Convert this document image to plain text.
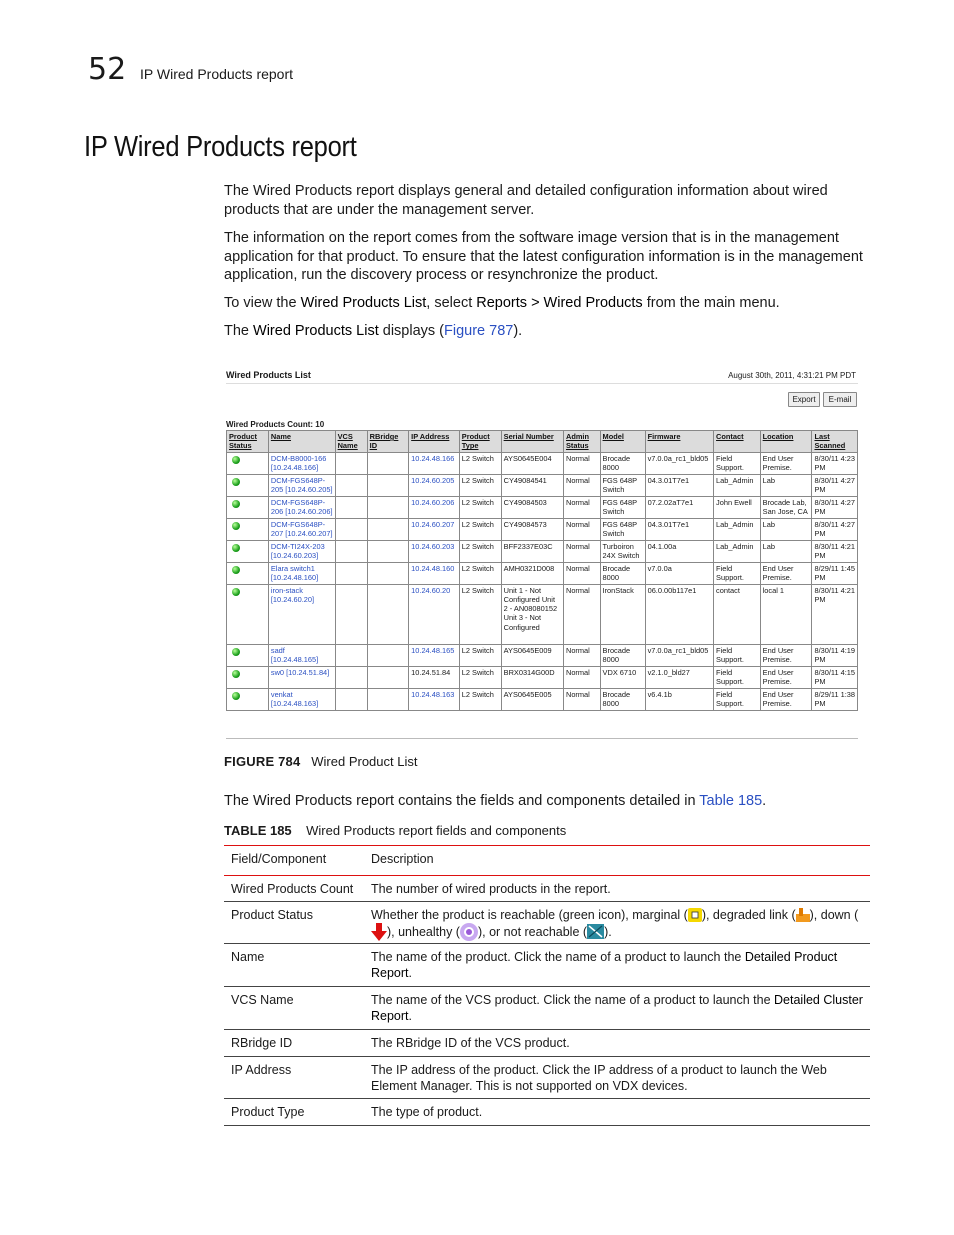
52 IP Wired Products report
IP Wired Products report
The Wired Products report displays general and detailed configuration information about wired products that are under the management server.
The information on the report comes from the software image version that is in the management application for that product. To ensure that the latest configuration information is in the management application, run the discovery process or resynchronize the product.
To view the Wired Products List, select Reports > Wired Products from the main menu.
The Wired Products List displays (Figure 787).
Wired Products List	August 30th, 2011, 4:31:21 PM PDT
Export	E-mail
Wired Products Count: 10
Product Status	Name	VCS Name	RBridge ID	IP Address	Product Type	Serial Number	Admin Status	Model	Firmware	Contact	Location	Last Scanned
	DCM-B8000-166 [10.24.48.166]			10.24.48.166	L2 Switch	AYS0645E004	Normal	Brocade 8000	v7.0.0a_rc1_bld05	Field Support.	End User Premise.	8/30/11 4:23 PM
	DCM-FGS648P-205 [10.24.60.205]			10.24.60.205	L2 Switch	CY49084541	Normal	FGS 648P Switch	04.3.01T7e1	Lab_Admin	Lab	8/30/11 4:27 PM
	DCM-FGS648P-206 [10.24.60.206]			10.24.60.206	L2 Switch	CY49084503	Normal	FGS 648P Switch	07.2.02aT7e1	John Ewell	Brocade Lab, San Jose, CA	8/30/11 4:27 PM
	DCM-FGS648P-207 [10.24.60.207]			10.24.60.207	L2 Switch	CY49084573	Normal	FGS 648P Switch	04.3.01T7e1	Lab_Admin	Lab	8/30/11 4:27 PM
	DCM-TI24X-203 [10.24.60.203]			10.24.60.203	L2 Switch	BFF2337E03C	Normal	Turboiron 24X Switch	04.1.00a	Lab_Admin	Lab	8/30/11 4:21 PM
	Elara switch1 [10.24.48.160]			10.24.48.160	L2 Switch	AMH0321D008	Normal	Brocade 8000	v7.0.0a	Field Support.	End User Premise.	8/29/11 1:45 PM
	iron-stack [10.24.60.20]			10.24.60.20	L2 Switch	Unit 1 - Not Configured Unit 2 - AN08080152 Unit 3 - Not Configured	Normal	IronStack	06.0.00b117e1	contact	local 1	8/30/11 4:21 PM
	sadf [10.24.48.165]			10.24.48.165	L2 Switch	AYS0645E009	Normal	Brocade 8000	v7.0.0a_rc1_bld05	Field Support.	End User Premise.	8/30/11 4:19 PM
	sw0 [10.24.51.84]			10.24.51.84	L2 Switch	BRX0314G00D	Normal	VDX 6710	v2.1.0_bld27	Field Support.	End User Premise.	8/30/11 4:15 PM
	venkat [10.24.48.163]			10.24.48.163	L2 Switch	AYS0645E005	Normal	Brocade 8000	v6.4.1b	Field Support.	End User Premise.	8/29/11 1:38 PM
FIGURE 784 Wired Product List
The Wired Products report contains the fields and components detailed in Table 185.
TABLE 185 Wired Products report fields and components
Field/Component	Description
Wired Products Count	The number of wired products in the report.
Product Status	Whether the product is reachable (green icon), marginal ( ), degraded link ( ), down (), unhealthy ( ), or not reachable ( ).
Name	The name of the product. Click the name of a product to launch the Detailed Product Report.
VCS Name	The name of the VCS product. Click the name of a product to launch the Detailed Cluster Report.
RBridge ID	The RBridge ID of the VCS product.
IP Address	The IP address of the product. Click the IP address of a product to launch the Web Element Manager. This is not supported on VDX devices.
Product Type	The type of product.
